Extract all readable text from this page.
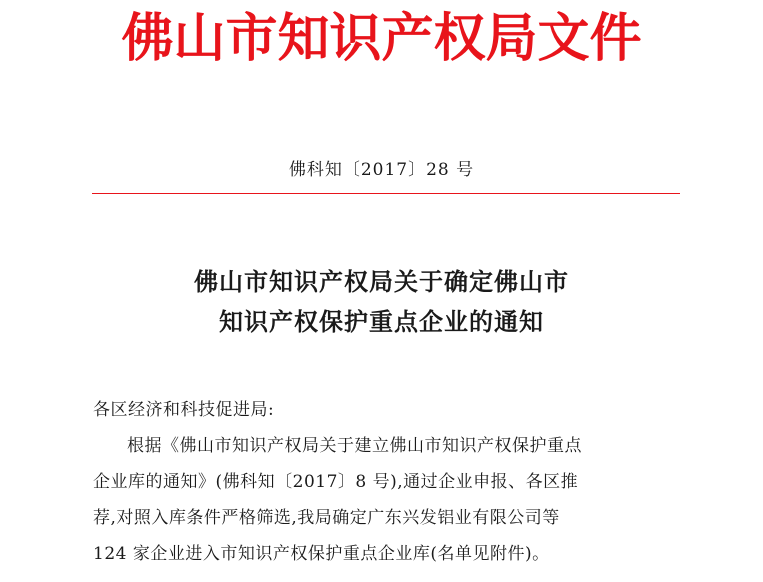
佛山市知识产权局文件
佛科知〔2017〕28 号
佛山市知识产权局关于确定佛山市
知识产权保护重点企业的通知
各区经济和科技促进局:
根据《佛山市知识产权局关于建立佛山市知识产权保护重点
企业库的通知》(佛科知〔2017〕8 号),通过企业申报、各区推
荐,对照入库条件严格筛选,我局确定广东兴发铝业有限公司等
124 家企业进入市知识产权保护重点企业库(名单见附件)。
